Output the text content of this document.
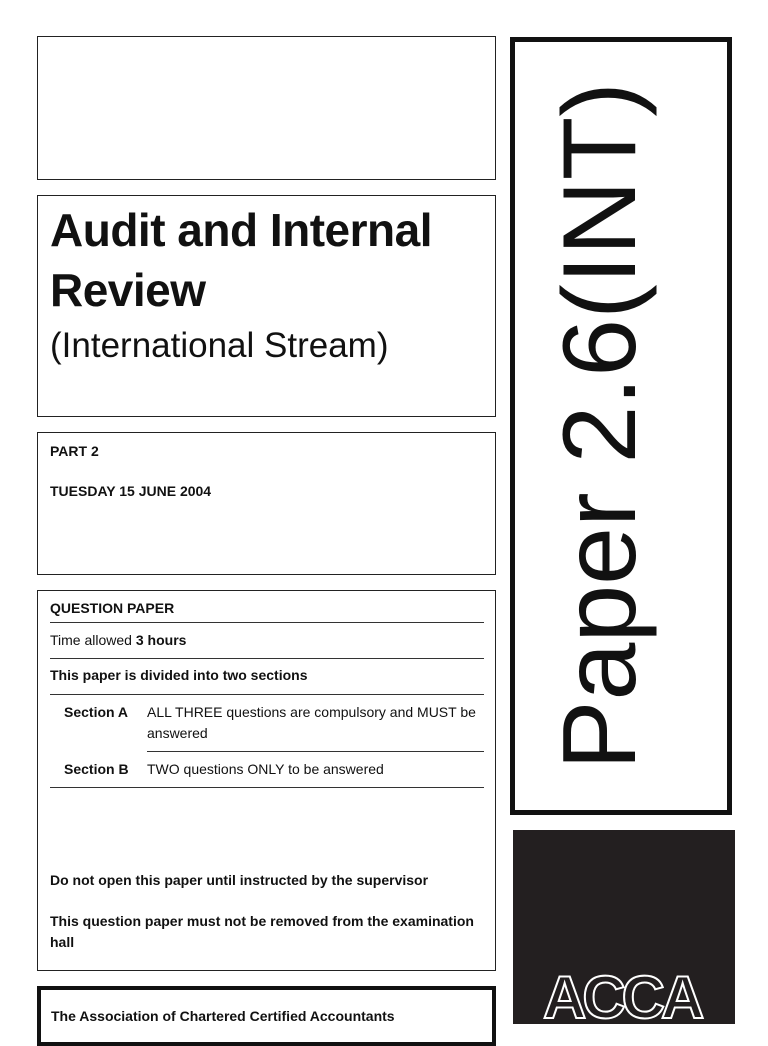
Audit and Internal Review
(International Stream)
PART 2
TUESDAY 15 JUNE 2004
QUESTION PAPER
Time allowed 3 hours
This paper is divided into two sections
Section A ALL THREE questions are compulsory and MUST be answered
Section B TWO questions ONLY to be answered
Do not open this paper until instructed by the supervisor
This question paper must not be removed from the examination hall
The Association of Chartered Certified Accountants
Paper 2.6(INT)
ACCA
